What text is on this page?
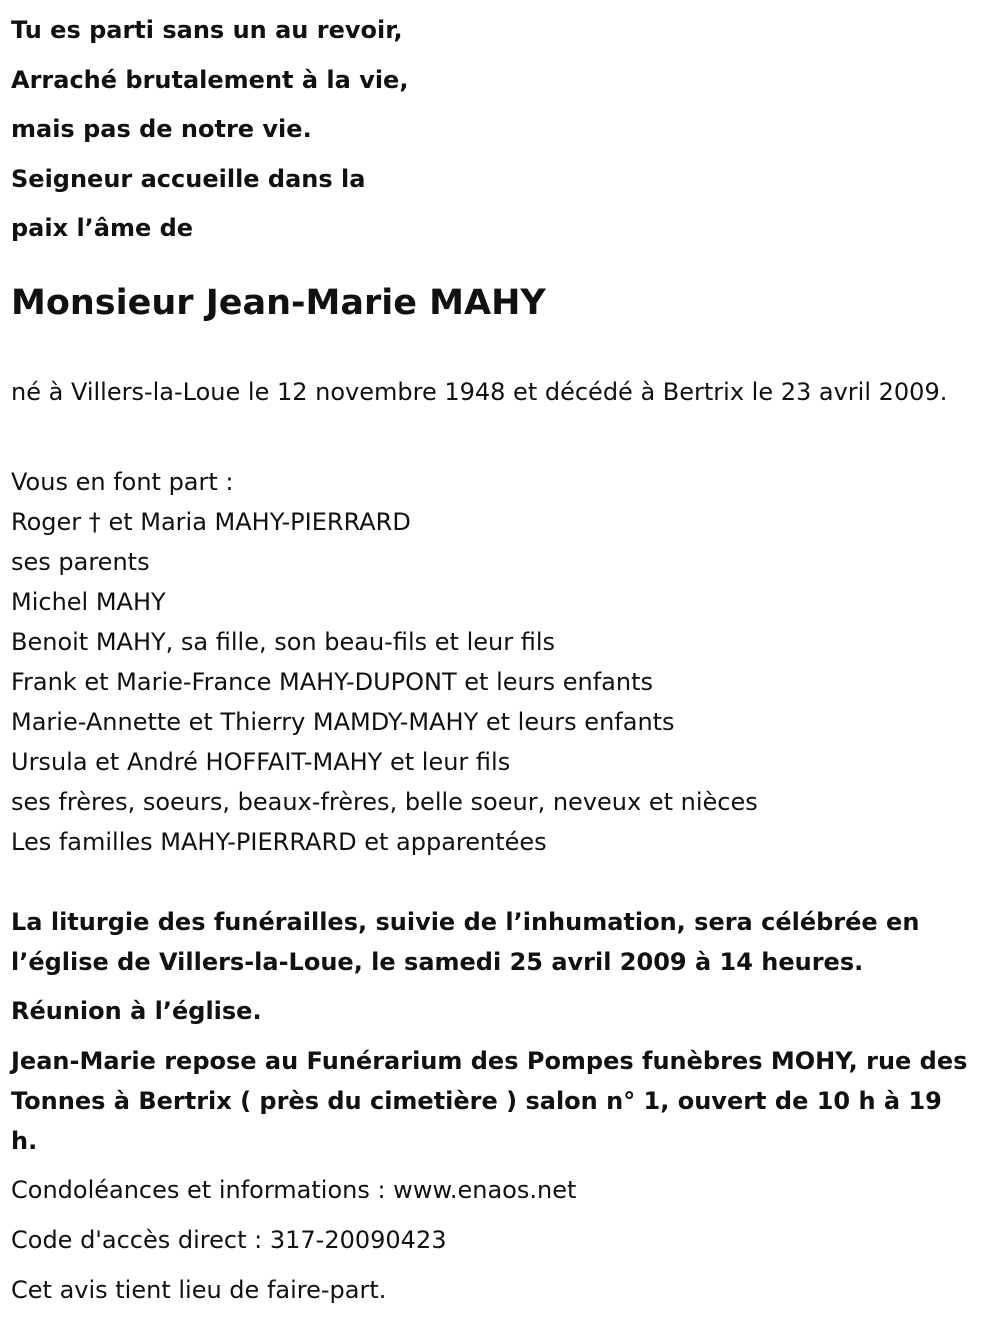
Tu es parti sans un au revoir,
Arraché brutalement à la vie,
mais pas de notre vie.
Seigneur accueille dans la
paix l’âme de

Monsieur Jean-Marie MAHY

né à Villers-la-Loue le 12 novembre 1948 et décédé à Bertrix le 23 avril 2009.

Vous en font part :
Roger † et Maria MAHY-PIERRARD
ses parents
Michel MAHY
Benoit MAHY, sa fille, son beau-fils et leur fils
Frank et Marie-France MAHY-DUPONT et leurs enfants
Marie-Annette et Thierry MAMDY-MAHY et leurs enfants
Ursula et André HOFFAIT-MAHY et leur fils
ses frères, soeurs, beaux-frères, belle soeur, neveux et nièces
Les familles MAHY-PIERRARD et apparentées

La liturgie des funérailles, suivie de l’inhumation, sera célébrée en l’église de Villers-la-Loue, le samedi 25 avril 2009 à 14 heures.

Réunion à l’église.

Jean-Marie repose au Funérarium des Pompes funèbres MOHY, rue des Tonnes à Bertrix ( près du cimetière ) salon n° 1, ouvert de 10 h à 19 h.

Condoléances et informations : www.enaos.net

Code d'accès direct : 317-20090423

Cet avis tient lieu de faire-part.
